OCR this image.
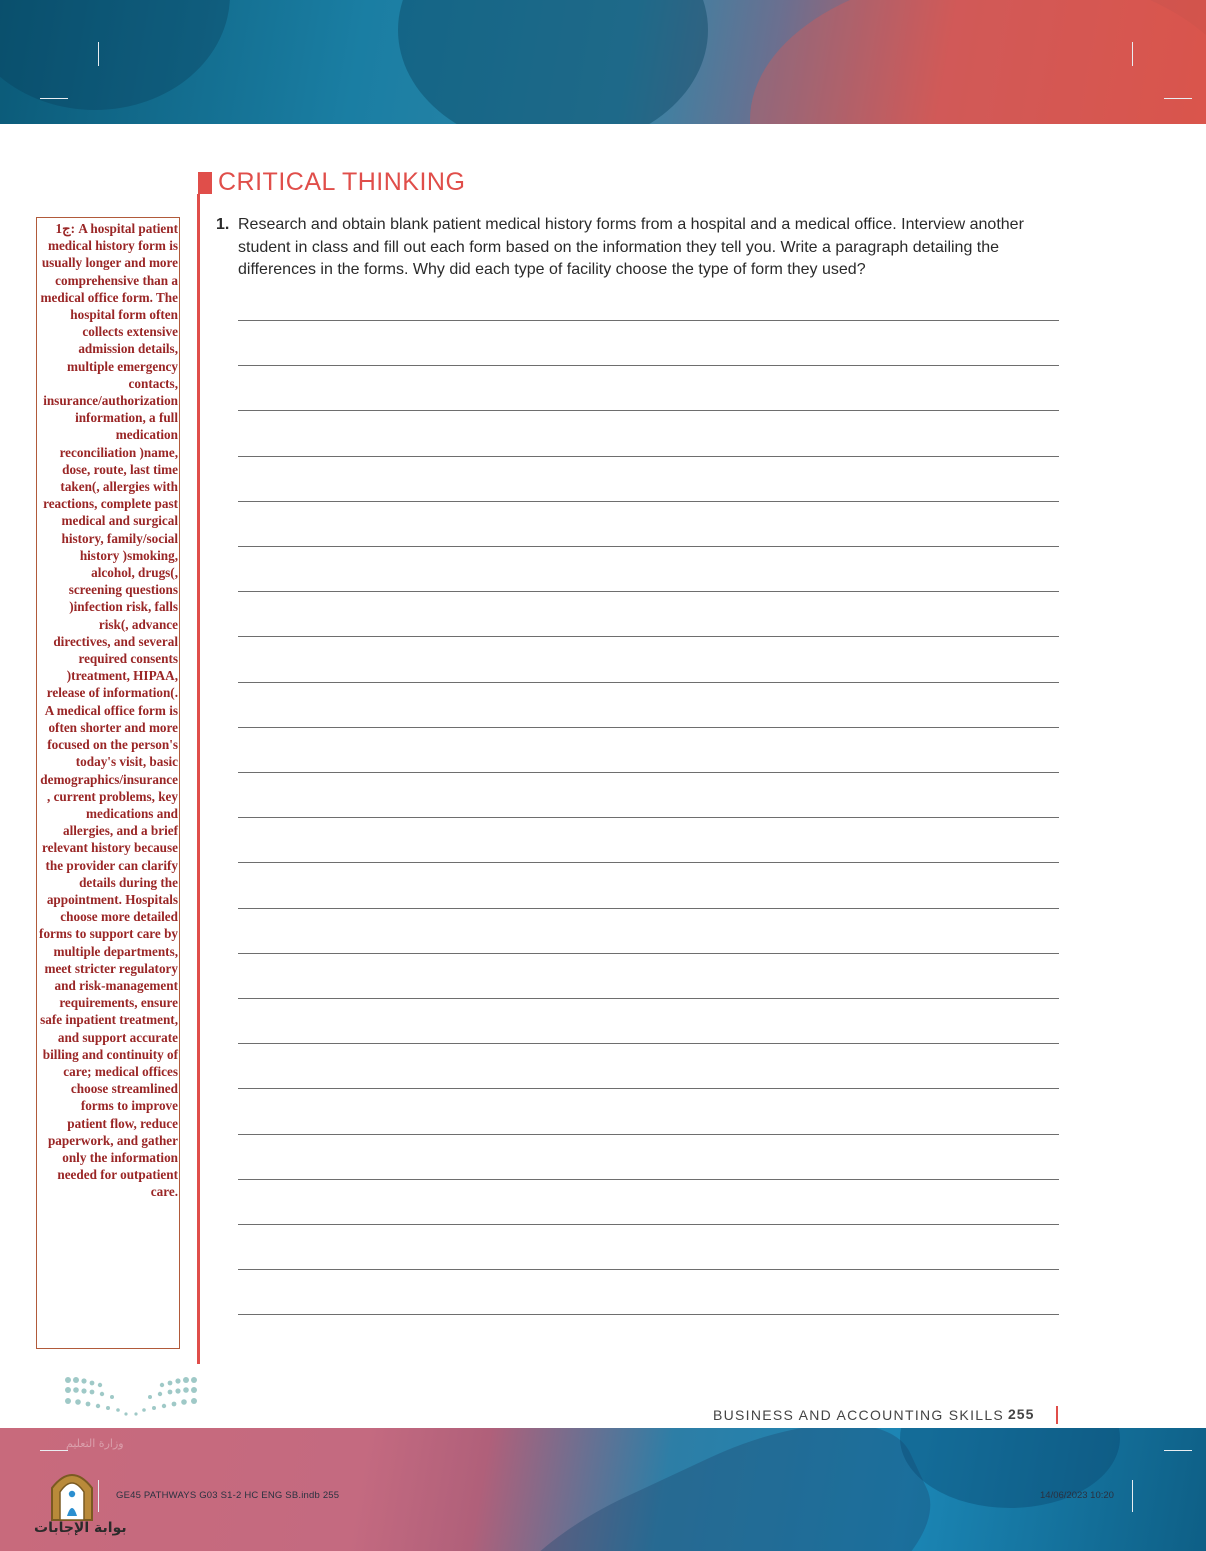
CRITICAL THINKING
ج1: A hospital patient medical history form is usually longer and more comprehensive than a medical office form. The hospital form often collects extensive admission details, multiple emergency contacts, insurance/authorization information, a full medication reconciliation )name, dose, route, last time taken(, allergies with reactions, complete past medical and surgical history, family/social history )smoking, alcohol, drugs(, screening questions )infection risk, falls risk(, advance directives, and several required consents )treatment, HIPAA, release of information(. A medical office form is often shorter and more focused on the person's today's visit, basic demographics/insurance, current problems, key medications and allergies, and a brief relevant history because the provider can clarify details during the appointment. Hospitals choose more detailed forms to support care by multiple departments, meet stricter regulatory and risk-management requirements, ensure safe inpatient treatment, and support accurate billing and continuity of care; medical offices choose streamlined forms to improve patient flow, reduce paperwork, and gather only the information needed for outpatient care.
1. Research and obtain blank patient medical history forms from a hospital and a medical office. Interview another student in class and fill out each form based on the information they tell you. Write a paragraph detailing the differences in the forms. Why did each type of facility choose the type of form they used?
BUSINESS AND ACCOUNTING SKILLS 255
وزارة التعليم
GE45 PATHWAYS G03 S1-2 HC ENG SB.indb 255	14/06/2023 10:20
بوابة الإجابات
